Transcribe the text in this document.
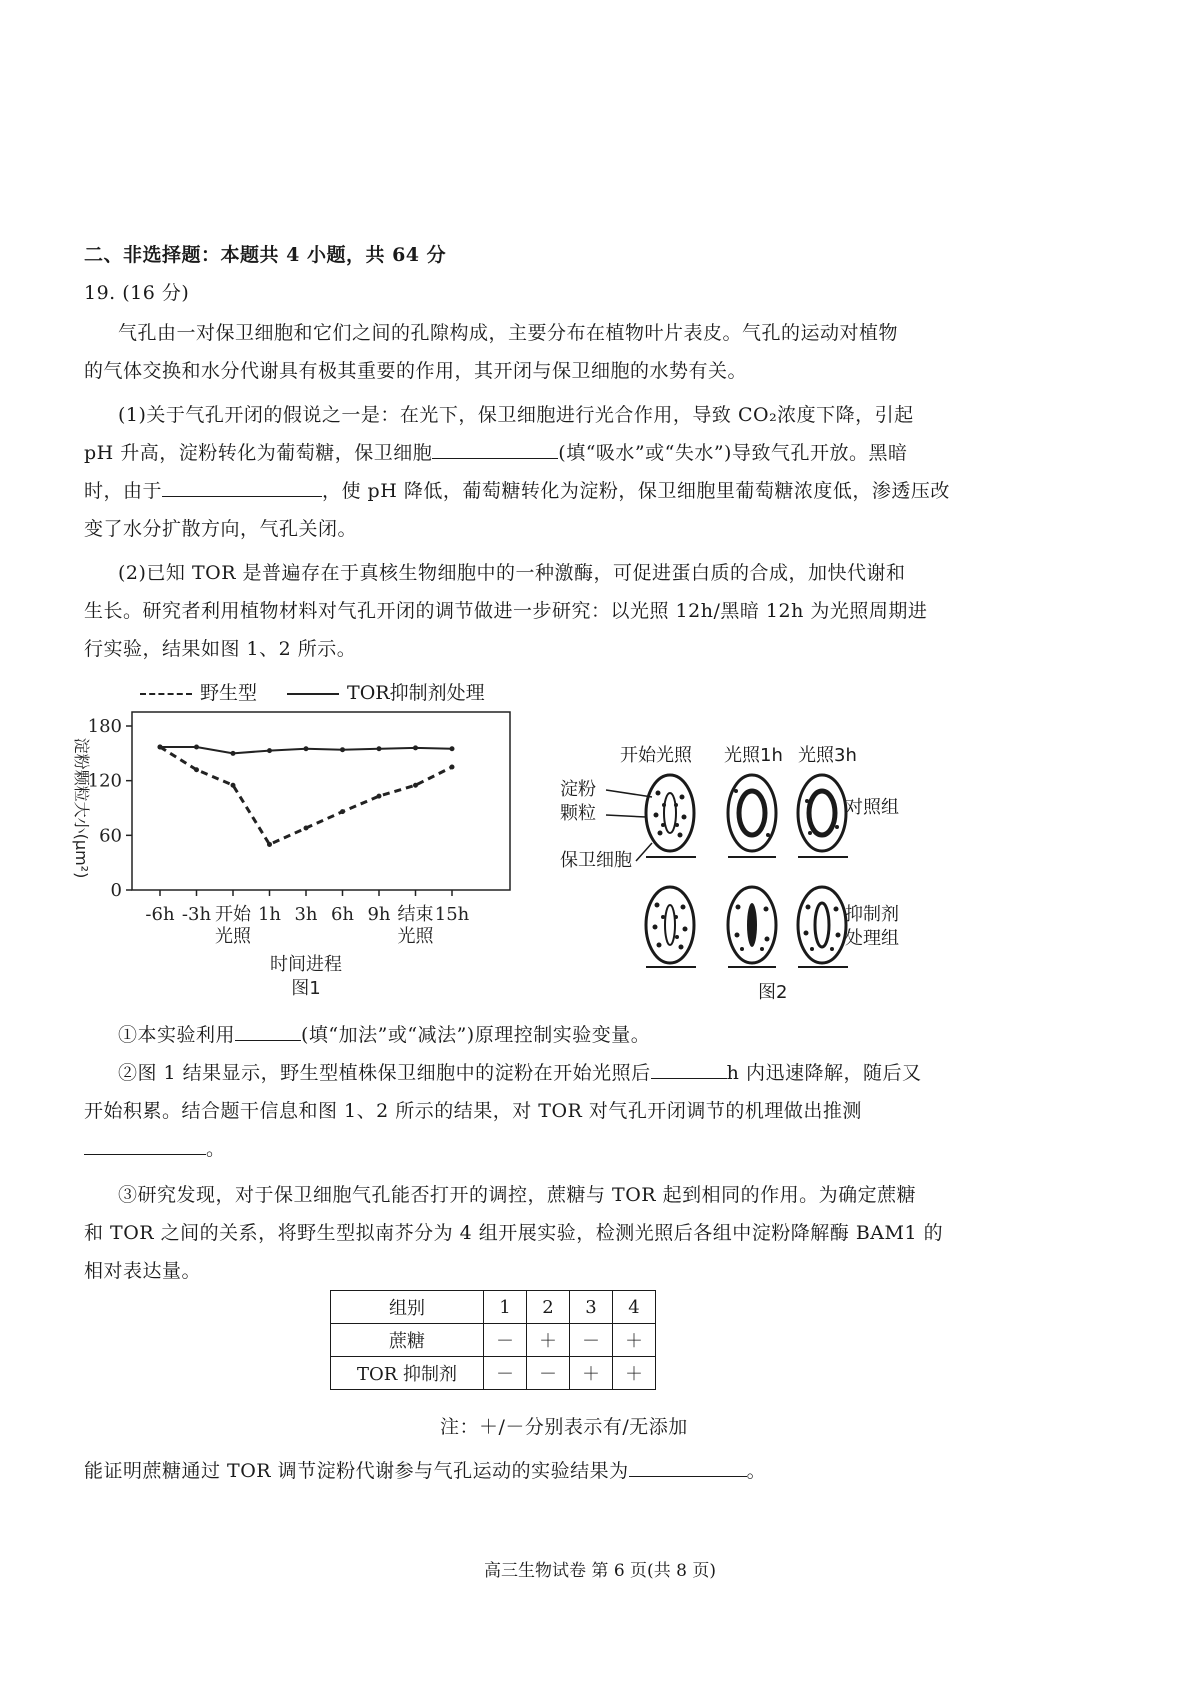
二、非选择题：本题共 4 小题，共 64 分
19. (16 分)
气孔由一对保卫细胞和它们之间的孔隙构成，主要分布在植物叶片表皮。气孔的运动对植物
的气体交换和水分代谢具有极其重要的作用，其开闭与保卫细胞的水势有关。
(1)关于气孔开闭的假说之一是：在光下，保卫细胞进行光合作用，导致 CO₂浓度下降，引起
pH 升高，淀粉转化为葡萄糖，保卫细胞	(填“吸水”或“失水”)导致气孔开放。黑暗
时，由于	，使 pH 降低，葡萄糖转化为淀粉，保卫细胞里葡萄糖浓度低，渗透压改
变了水分扩散方向，气孔关闭。
(2)已知 TOR 是普遍存在于真核生物细胞中的一种激酶，可促进蛋白质的合成，加快代谢和
生长。研究者利用植物材料对气孔开闭的调节做进一步研究：以光照 12h/黑暗 12h 为光照周期进
行实验，结果如图 1、2 所示。
野生型	TOR抑制剂处理
0
60
120
180
-6h -3h 开始
光照
1h 3h 6h 9h 结束
光照
15h
淀粉颗粒大小(μm²)
时间进程
图1
开始光照 光照1h 光照3h
淀粉
颗粒
保卫细胞
对照组
抑制剂
处理组
图2
①本实验利用	(填“加法”或“减法”)原理控制实验变量。
②图 1 结果显示，野生型植株保卫细胞中的淀粉在开始光照后	h 内迅速降解，随后又
开始积累。结合题干信息和图 1、2 所示的结果，对 TOR 对气孔开闭调节的机理做出推测
。
③研究发现，对于保卫细胞气孔能否打开的调控，蔗糖与 TOR 起到相同的作用。为确定蔗糖
和 TOR 之间的关系，将野生型拟南芥分为 4 组开展实验，检测光照后各组中淀粉降解酶 BAM1 的
相对表达量。
组别	1	2	3	4
蔗糖	－	＋	－	＋
TOR 抑制剂	－	－	＋	＋
注：＋/－分别表示有/无添加
能证明蔗糖通过 TOR 调节淀粉代谢参与气孔运动的实验结果为	。
高三生物试卷 第 6 页(共 8 页)
